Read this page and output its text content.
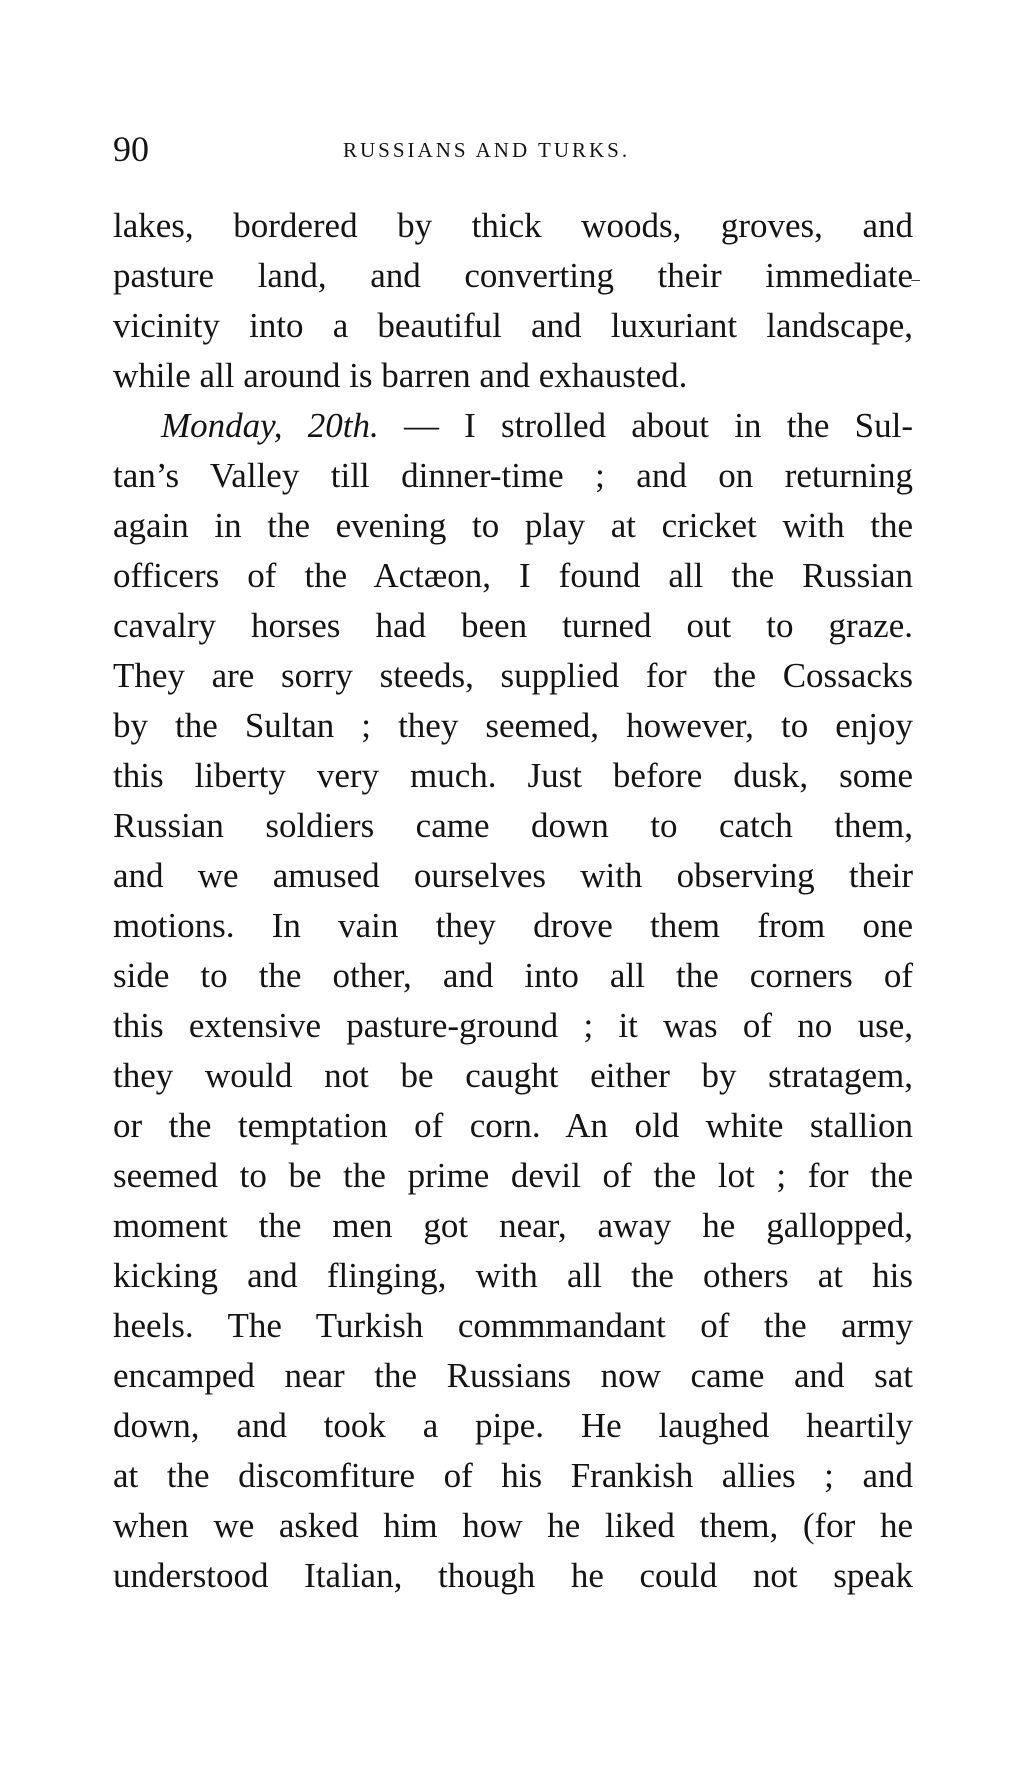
90	RUSSIANS AND TURKS.
lakes, bordered by thick woods, groves, and
pasture land, and converting their immediate
vicinity into a beautiful and luxuriant landscape,
while all around is barren and exhausted.
Monday, 20th. — I strolled about in the Sul-
tan’s Valley till dinner-time ; and on returning
again in the evening to play at cricket with the
officers of the Actæon, I found all the Russian
cavalry horses had been turned out to graze.
They are sorry steeds, supplied for the Cossacks
by the Sultan ; they seemed, however, to enjoy
this liberty very much. Just before dusk, some
Russian soldiers came down to catch them,
and we amused ourselves with observing their
motions. In vain they drove them from one
side to the other, and into all the corners of
this extensive pasture-ground ; it was of no use,
they would not be caught either by stratagem,
or the temptation of corn. An old white stallion
seemed to be the prime devil of the lot ; for the
moment the men got near, away he gallopped,
kicking and flinging, with all the others at his
heels. The Turkish commmandant of the army
encamped near the Russians now came and sat
down, and took a pipe. He laughed heartily
at the discomfiture of his Frankish allies ; and
when we asked him how he liked them, (for he
understood Italian, though he could not speak
‾
